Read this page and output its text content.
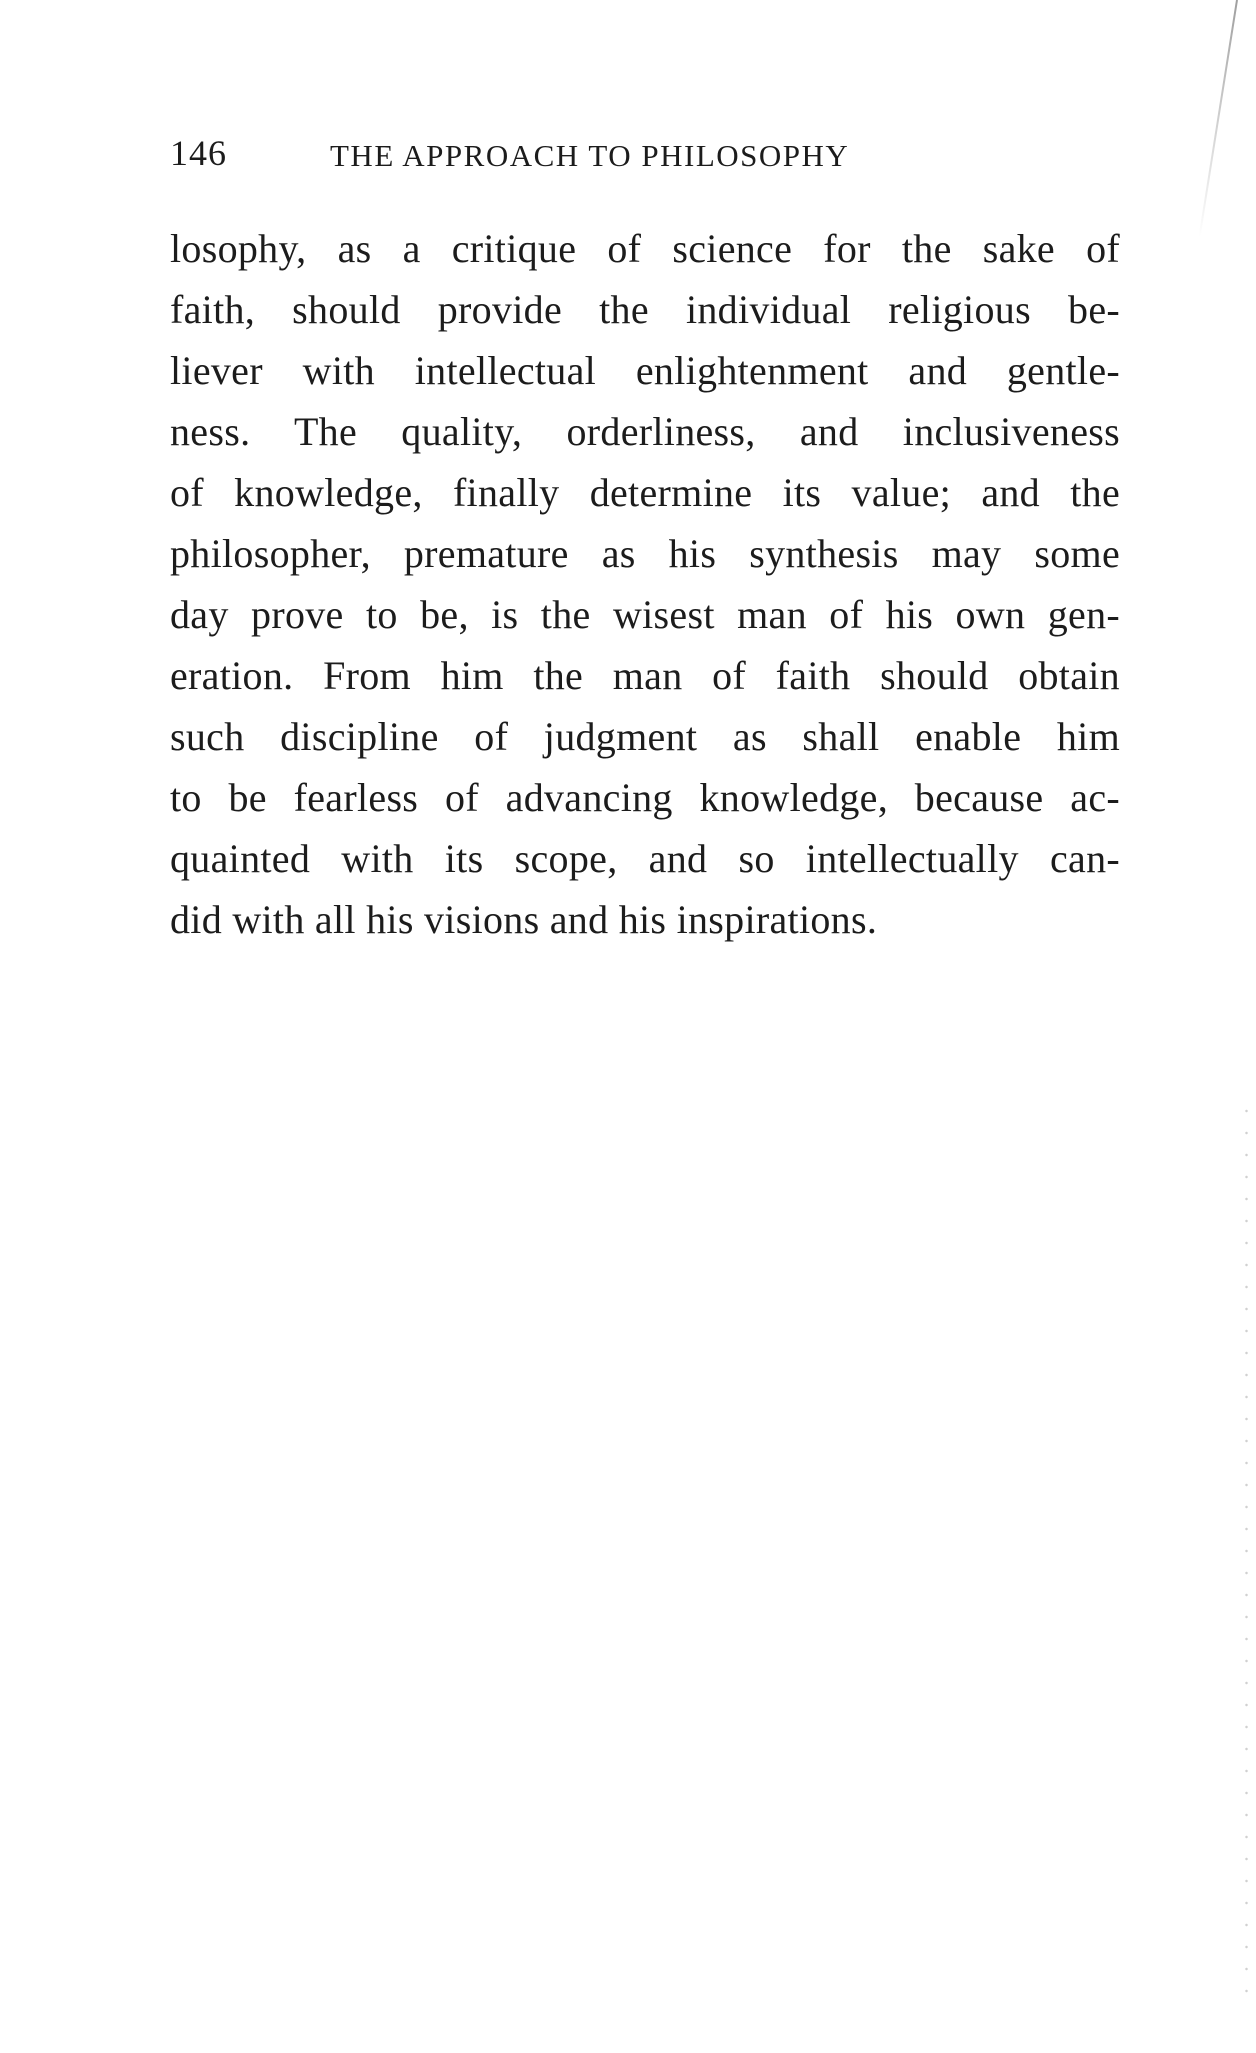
146	THE APPROACH TO PHILOSOPHY
losophy, as a critique of science for the sake of
faith, should provide the individual religious be-
liever with intellectual enlightenment and gentle-
ness. The quality, orderliness, and inclusiveness
of knowledge, finally determine its value; and the
philosopher, premature as his synthesis may some
day prove to be, is the wisest man of his own gen-
eration. From him the man of faith should obtain
such discipline of judgment as shall enable him
to be fearless of advancing knowledge, because ac-
quainted with its scope, and so intellectually can-
did with all his visions and his inspirations.
